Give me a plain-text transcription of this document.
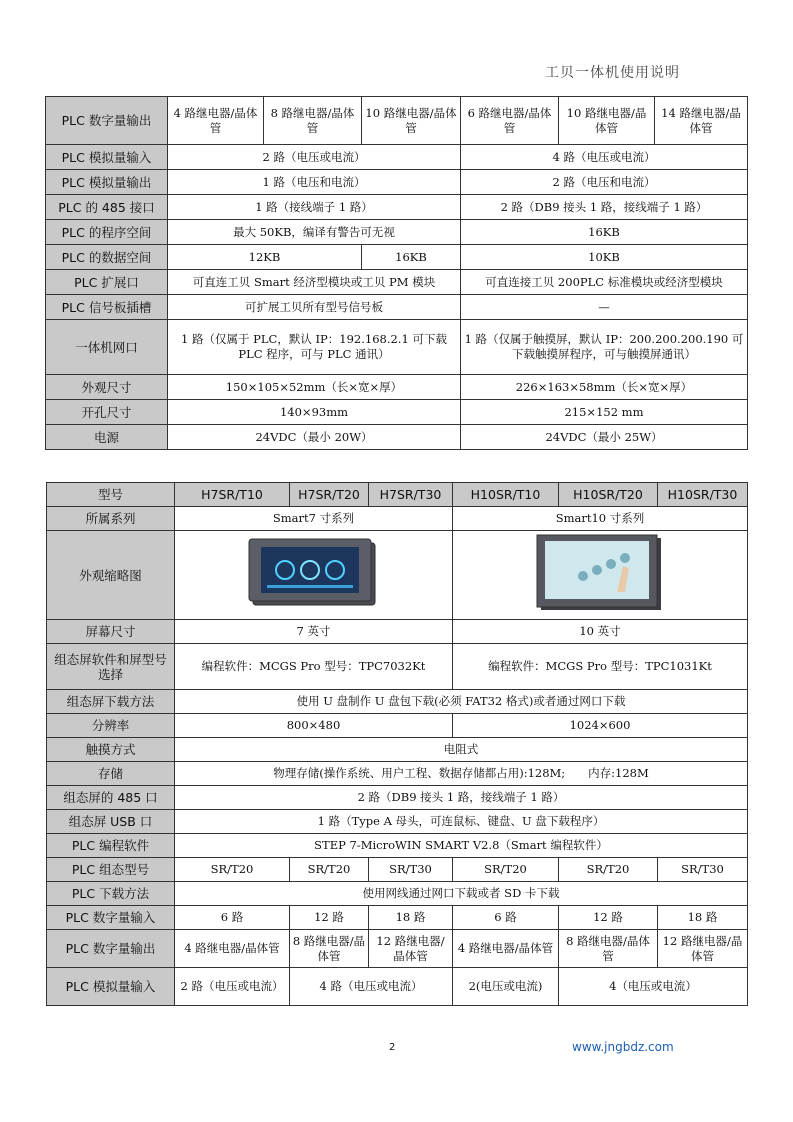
工贝一体机使用说明
PLC 数字量输出	4 路继电器/晶体管	8 路继电器/晶体管	10 路继电器/晶体管	6 路继电器/晶体管	10 路继电器/晶体管	14 路继电器/晶体管
PLC 模拟量输入	2 路（电压或电流）			4 路（电压或电流）		
PLC 模拟量输出	1 路（电压和电流）			2 路（电压和电流）		
PLC 的 485 接口	1 路（接线端子 1 路）			2 路（DB9 接头 1 路，接线端子 1 路）		
PLC 的程序空间	最大 50KB，编译有警告可无视			16KB		
PLC 的数据空间	12KB		16KB	10KB		
PLC 扩展口	可直连工贝 Smart 经济型模块或工贝 PM 模块			可直连接工贝 200PLC 标准模块或经济型模块		
PLC 信号板插槽	可扩展工贝所有型号信号板			—		
一体机网口	1 路（仅属于 PLC，默认 IP：192.168.2.1 可下载 PLC 程序，可与 PLC 通讯）			1 路（仅属于触摸屏，默认 IP：200.200.200.190 可下载触摸屏程序，可与触摸屏通讯）		
外观尺寸	150×105×52mm（长×宽×厚）			226×163×58mm（长×宽×厚）		
开孔尺寸	140×93mm			215×152 mm		
电源	24VDC（最小 20W）			24VDC（最小 25W）		
型号	H7SR/T10	H7SR/T20	H7SR/T30	H10SR/T10	H10SR/T20	H10SR/T30
所属系列	Smart7 寸系列			Smart10 寸系列		
外观缩略图		
屏幕尺寸	7 英寸			10 英寸		
组态屏软件和屏型号选择	编程软件：MCGS Pro 型号：TPC7032Kt			编程软件：MCGS Pro 型号：TPC1031Kt		
组态屏下载方法	使用 U 盘制作 U 盘包下载(必须 FAT32 格式)或者通过网口下载					
分辨率	800×480			1024×600		
触摸方式	电阻式					
存储	物理存储(操作系统、用户工程、数据存储都占用):128M;　　内存:128M					
组态屏的 485 口	2 路（DB9 接头 1 路，接线端子 1 路）					
组态屏 USB 口	1 路（Type A 母头，可连鼠标、键盘、U 盘下载程序）					
PLC 编程软件	STEP 7-MicroWIN SMART V2.8（Smart 编程软件）					
PLC 组态型号	SR/T20	SR/T20	SR/T30	SR/T20	SR/T20	SR/T30
PLC 下载方法	使用网线通过网口下载或者 SD 卡下载					
PLC 数字量输入	6 路	12 路	18 路	6 路	12 路	18 路
PLC 数字量输出	4 路继电器/晶体管	8 路继电器/晶体管	12 路继电器/晶体管	4 路继电器/晶体管	8 路继电器/晶体管	12 路继电器/晶体管
PLC 模拟量输入	2 路（电压或电流）	4 路（电压或电流）		2(电压或电流)	4（电压或电流）	
2	www.jngbdz.com
